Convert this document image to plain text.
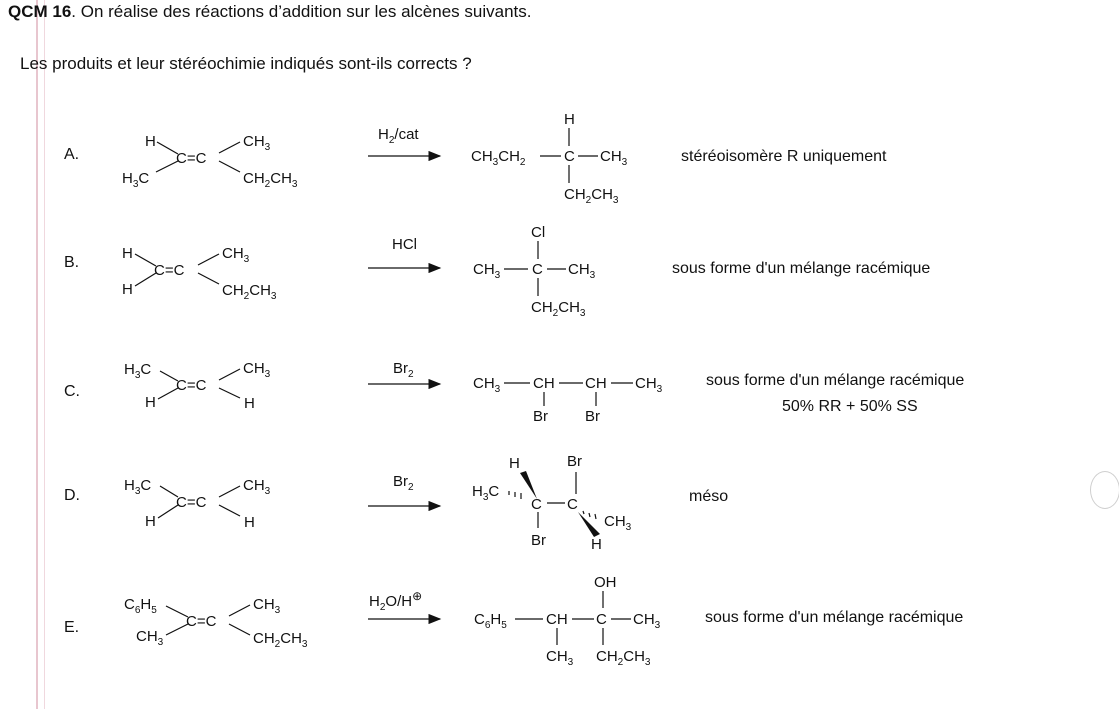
QCM 16. On réalise des réactions d’addition sur les alcènes suivants.
Les produits et leur stéréochimie indiqués sont-ils corrects ?
A.
B.
C.
D.
E.
stéréoisomère R uniquement
sous forme d'un mélange racémique
sous forme d'un mélange racémique
50% RR + 50% SS
méso
sous forme d'un mélange racémique
H
$H_3C$
C=C
$CH_3$
$CH_2CH_3$
$H_2$/cat
H
$CH_3CH_2$	C $CH_3$
$CH_2CH_3$
H
H
C=C
$CH_3$
$CH_2CH_3$
HCl
Cl
$CH_3$ C $CH_3$
$CH_2CH_3$
$H_3C$
H
C=C
$CH_3$
H
$Br_2$
$CH_3$ CH CH $CH_3$
Br Br
$H_3C$
H
C=C
$CH_3$
H
$Br_2$
H	Br
$H_3C$
C C
Br
$CH_3$
H
$C_6H_5$
$CH_3$
C=C
$CH_3$
$CH_2CH_3$
$H_2O/H^\oplus$
OH
$C_6H_5$	CH C $CH_3$
$CH_3$ $CH_2CH_3$
